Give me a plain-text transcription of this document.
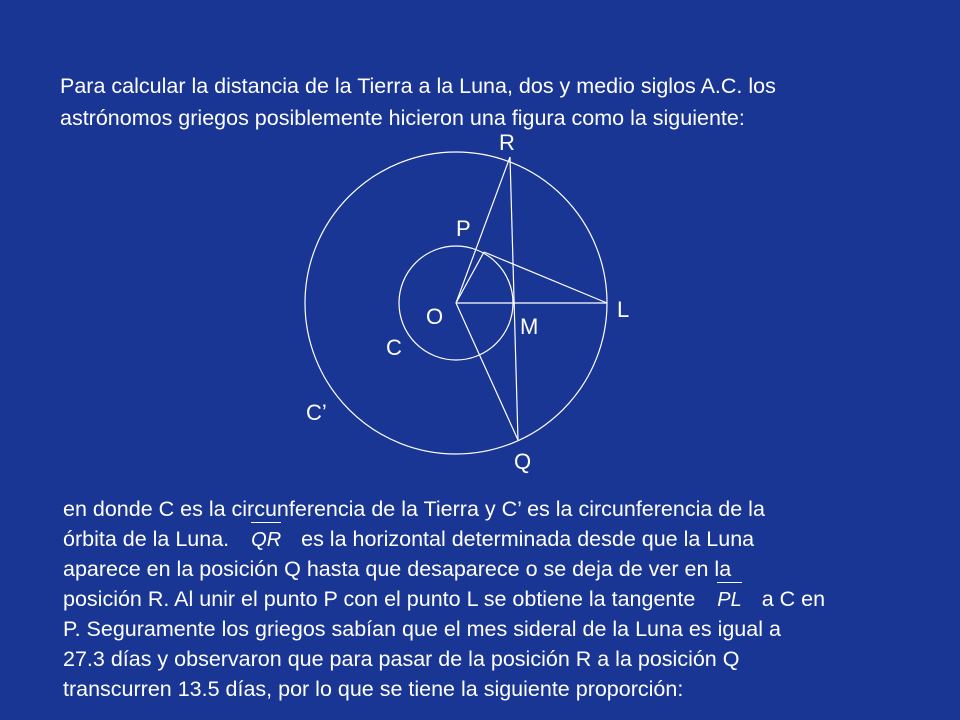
Para calcular la distancia de la Tierra a la Luna, dos y medio siglos A.C. los
astrónomos griegos posiblemente hicieron una figura como la siguiente:
R
P
L
O	M
C
C’
Q
en donde C es la circunferencia de la Tierra y C’ es la circunferencia de la
órbita de la Luna. QR es la horizontal determinada desde que la Luna
aparece en la posición Q hasta que desaparece o se deja de ver en la
posición R. Al unir el punto P con el punto L se obtiene la tangente PL a C en
P. Seguramente los griegos sabían que el mes sideral de la Luna es igual a
27.3 días y observaron que para pasar de la posición R a la posición Q
transcurren 13.5 días, por lo que se tiene la siguiente proporción:
